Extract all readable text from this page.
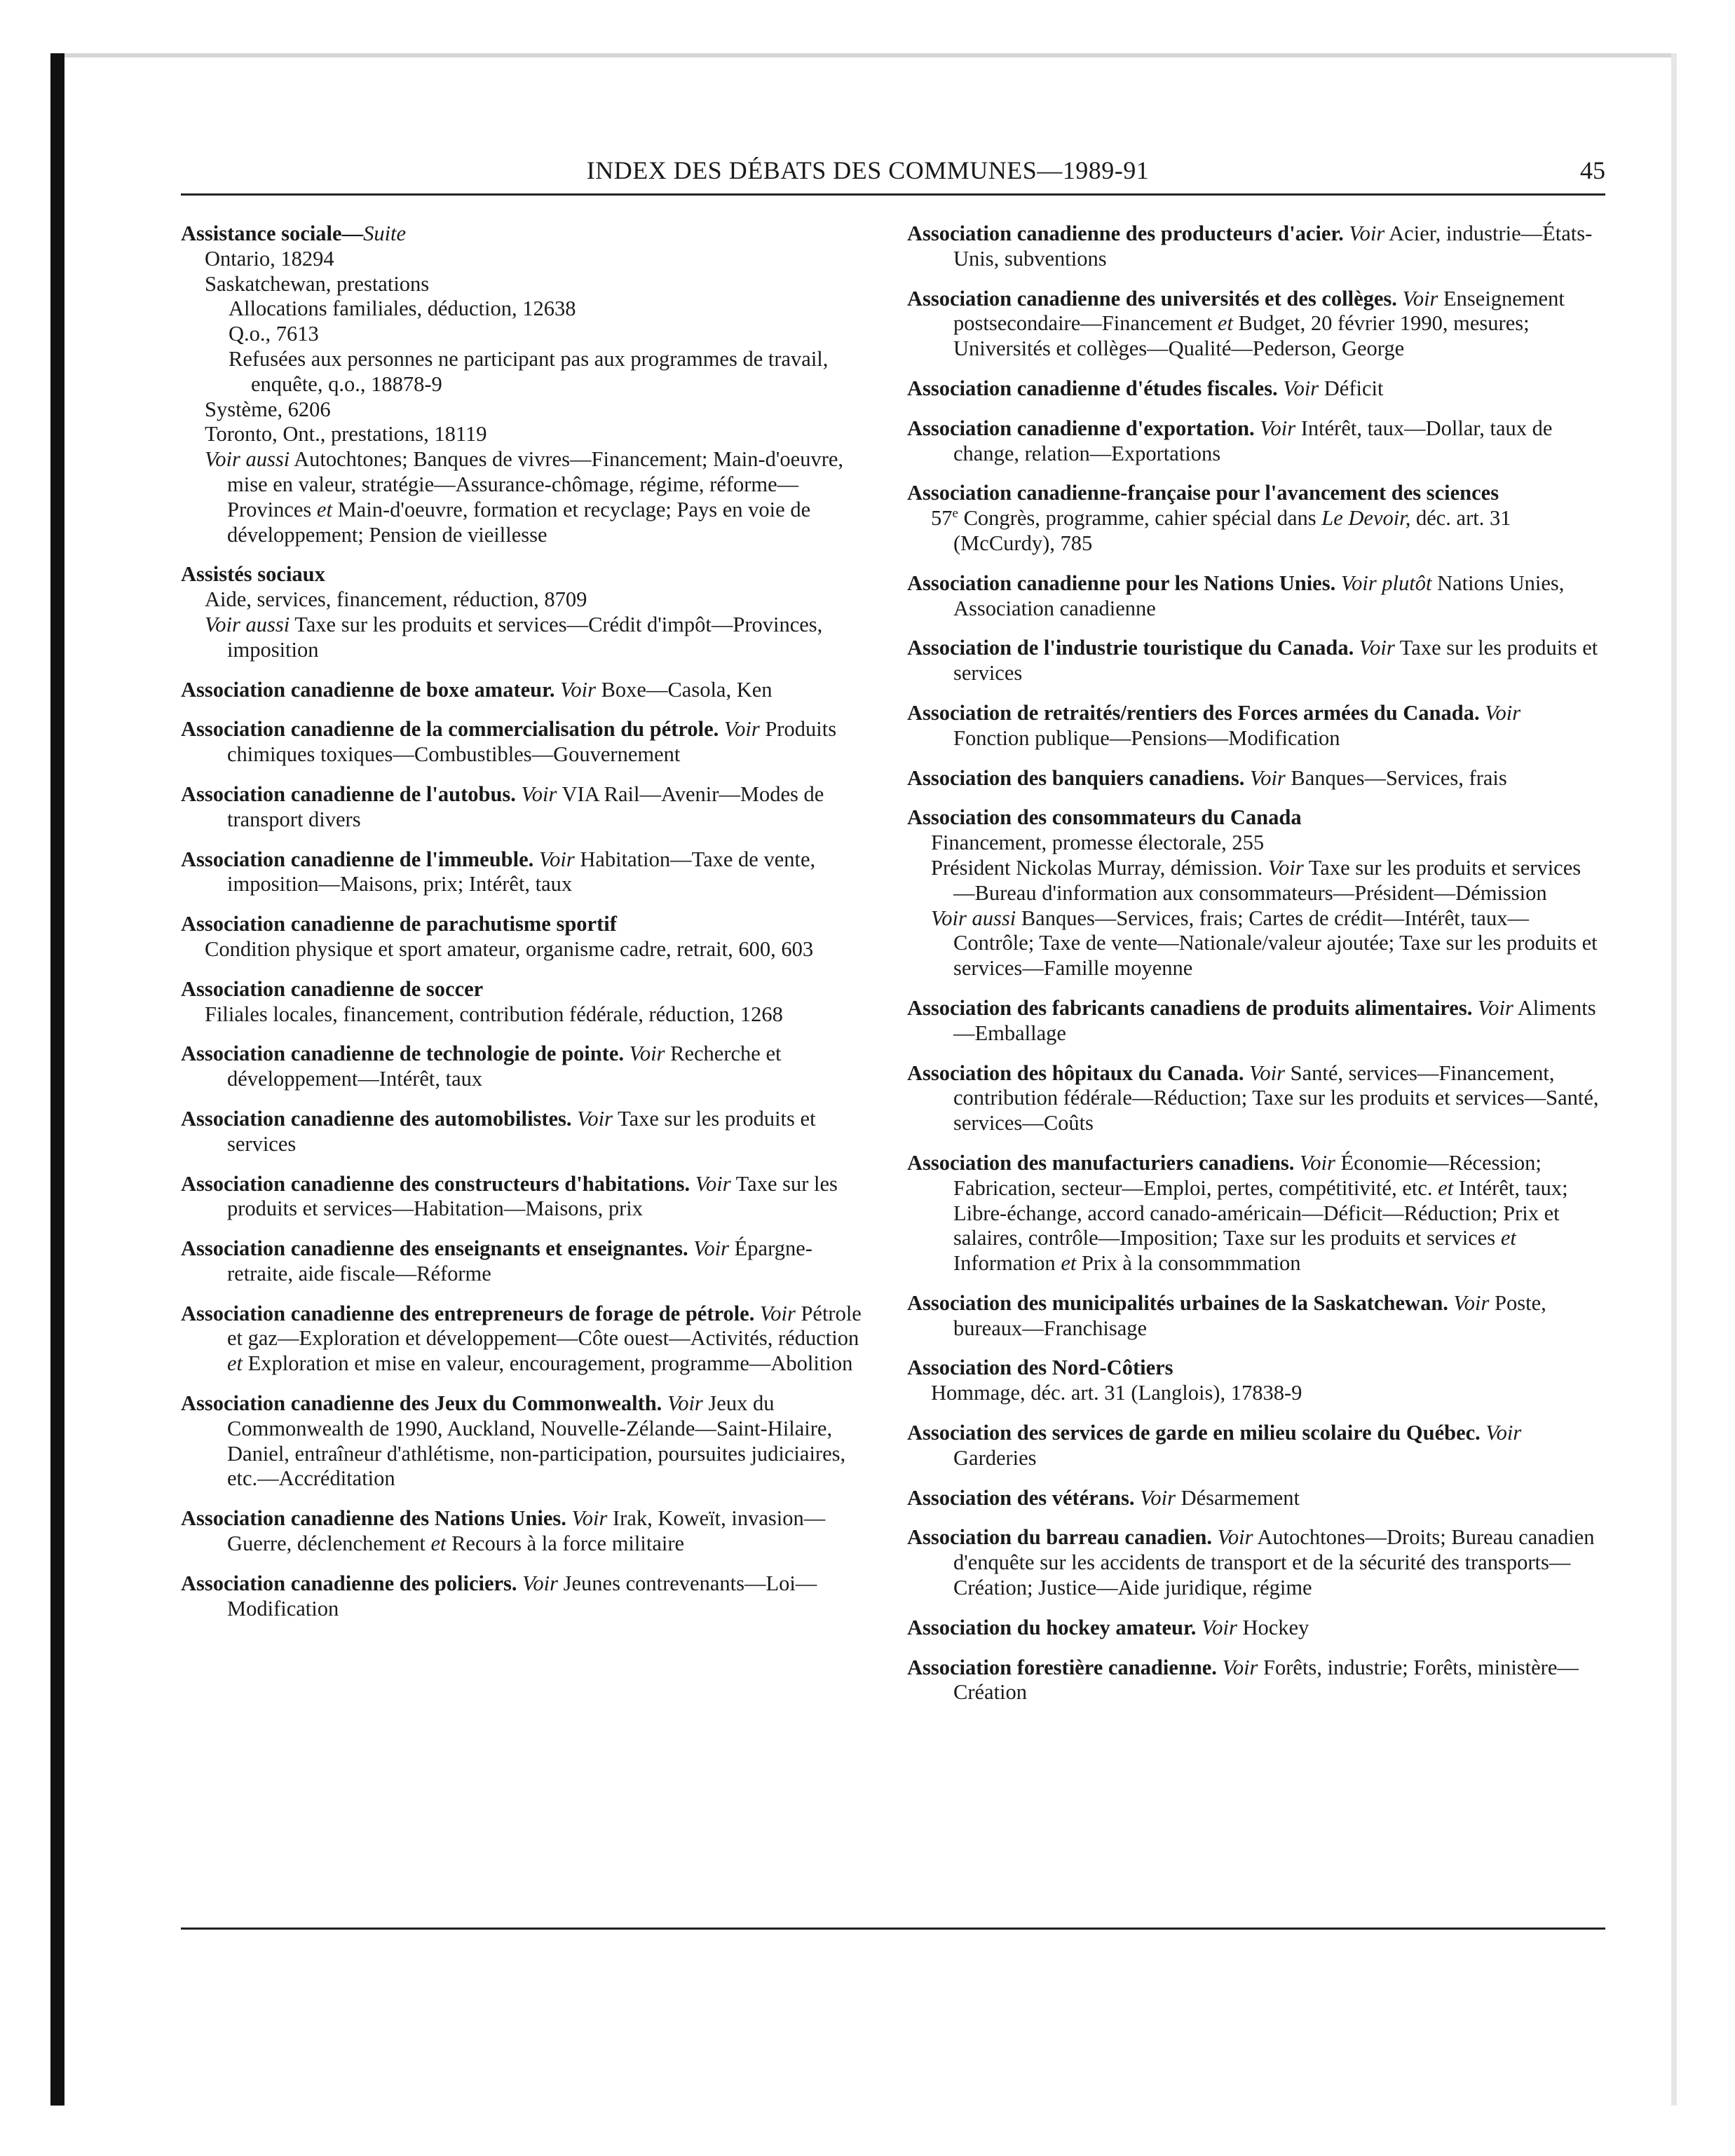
INDEX DES DÉBATS DES COMMUNES—1989-91	45
Assistance sociale—Suite
Ontario, 18294
Saskatchewan, prestations
Allocations familiales, déduction, 12638
Q.o., 7613
Refusées aux personnes ne participant pas aux programmes de travail, enquête, q.o., 18878-9
Système, 6206
Toronto, Ont., prestations, 18119
Voir aussi Autochtones; Banques de vivres—Financement; Main-d'oeuvre, mise en valeur, stratégie—Assurance-chômage, régime, réforme—Provinces et Main-d'oeuvre, formation et recyclage; Pays en voie de développement; Pension de vieillesse
Assistés sociaux
Aide, services, financement, réduction, 8709
Voir aussi Taxe sur les produits et services—Crédit d'impôt—Provinces, imposition
Association canadienne de boxe amateur. Voir Boxe—Casola, Ken
Association canadienne de la commercialisation du pétrole. Voir Produits chimiques toxiques—Combustibles—Gouvernement
Association canadienne de l'autobus. Voir VIA Rail—Avenir—Modes de transport divers
Association canadienne de l'immeuble. Voir Habitation—Taxe de vente, imposition—Maisons, prix; Intérêt, taux
Association canadienne de parachutisme sportif
Condition physique et sport amateur, organisme cadre, retrait, 600, 603
Association canadienne de soccer
Filiales locales, financement, contribution fédérale, réduction, 1268
Association canadienne de technologie de pointe. Voir Recherche et développement—Intérêt, taux
Association canadienne des automobilistes. Voir Taxe sur les produits et services
Association canadienne des constructeurs d'habitations. Voir Taxe sur les produits et services—Habitation—Maisons, prix
Association canadienne des enseignants et enseignantes. Voir Épargne-retraite, aide fiscale—Réforme
Association canadienne des entrepreneurs de forage de pétrole. Voir Pétrole et gaz—Exploration et développement—Côte ouest—Activités, réduction et Exploration et mise en valeur, encouragement, programme—Abolition
Association canadienne des Jeux du Commonwealth. Voir Jeux du Commonwealth de 1990, Auckland, Nouvelle-Zélande—Saint-Hilaire, Daniel, entraîneur d'athlétisme, non-participation, poursuites judiciaires, etc.—Accréditation
Association canadienne des Nations Unies. Voir Irak, Koweït, invasion—Guerre, déclenchement et Recours à la force militaire
Association canadienne des policiers. Voir Jeunes contrevenants—Loi—Modification
Association canadienne des producteurs d'acier. Voir Acier, industrie—États-Unis, subventions
Association canadienne des universités et des collèges. Voir Enseignement postsecondaire—Financement et Budget, 20 février 1990, mesures; Universités et collèges—Qualité—Pederson, George
Association canadienne d'études fiscales. Voir Déficit
Association canadienne d'exportation. Voir Intérêt, taux—Dollar, taux de change, relation—Exportations
Association canadienne-française pour l'avancement des sciences
57e Congrès, programme, cahier spécial dans Le Devoir, déc. art. 31 (McCurdy), 785
Association canadienne pour les Nations Unies. Voir plutôt Nations Unies, Association canadienne
Association de l'industrie touristique du Canada. Voir Taxe sur les produits et services
Association de retraités/rentiers des Forces armées du Canada. Voir Fonction publique—Pensions—Modification
Association des banquiers canadiens. Voir Banques—Services, frais
Association des consommateurs du Canada
Financement, promesse électorale, 255
Président Nickolas Murray, démission. Voir Taxe sur les produits et services—Bureau d'information aux consommateurs—Président—Démission
Voir aussi Banques—Services, frais; Cartes de crédit—Intérêt, taux—Contrôle; Taxe de vente—Nationale/valeur ajoutée; Taxe sur les produits et services—Famille moyenne
Association des fabricants canadiens de produits alimentaires. Voir Aliments—Emballage
Association des hôpitaux du Canada. Voir Santé, services—Financement, contribution fédérale—Réduction; Taxe sur les produits et services—Santé, services—Coûts
Association des manufacturiers canadiens. Voir Économie—Récession; Fabrication, secteur—Emploi, pertes, compétitivité, etc. et Intérêt, taux; Libre-échange, accord canado-américain—Déficit—Réduction; Prix et salaires, contrôle—Imposition; Taxe sur les produits et services et Information et Prix à la consommmation
Association des municipalités urbaines de la Saskatchewan. Voir Poste, bureaux—Franchisage
Association des Nord-Côtiers
Hommage, déc. art. 31 (Langlois), 17838-9
Association des services de garde en milieu scolaire du Québec. Voir Garderies
Association des vétérans. Voir Désarmement
Association du barreau canadien. Voir Autochtones—Droits; Bureau canadien d'enquête sur les accidents de transport et de la sécurité des transports—Création; Justice—Aide juridique, régime
Association du hockey amateur. Voir Hockey
Association forestière canadienne. Voir Forêts, industrie; Forêts, ministère—Création
